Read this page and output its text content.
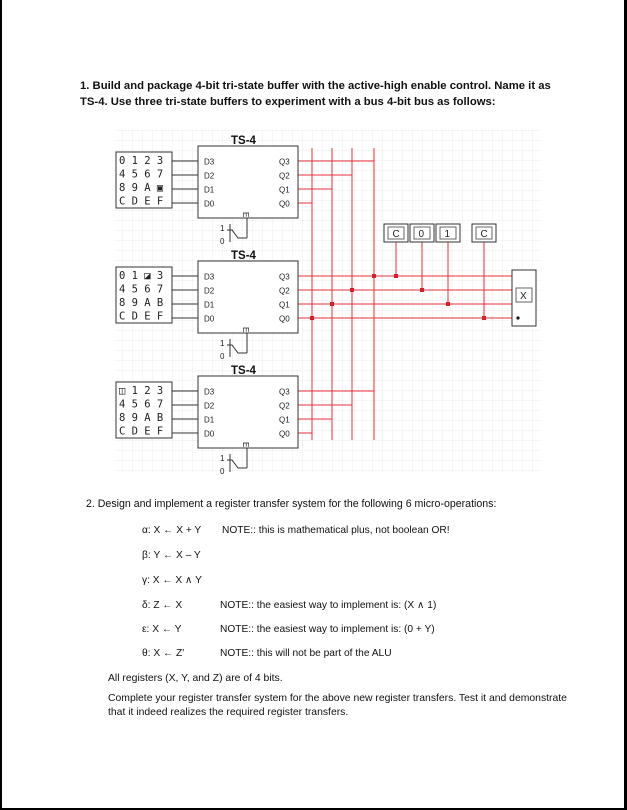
1. Build and package 4-bit tri-state buffer with the active-high enable control. Name it as TS-4. Use three tri-state buffers to experiment with a bus 4-bit bus as follows:
0 1 2 3
4 5 6 7
8 9 A ▣
C D E F
TS-4
D3
D2
D1
D0
Q3
Q2
Q1
Q0
E
1
0
0 1 ◪ 3
4 5 6 7
8 9 A B
C D E F
TS-4
D3
D2
D1
D0
Q3
Q2
Q1
Q0
E
1
0
◫ 1 2 3
4 5 6 7
8 9 A B
C D E F
TS-4
D3
D2
D1
D0
Q3
Q2
Q1
Q0
E
1
0
C 0 1	C
X
2. Design and implement a register transfer system for the following 6 micro-operations:
α: X ← X + Y NOTE:: this is mathematical plus, not boolean OR!
β: Y ← X – Y
γ: X ← X ∧ Y
δ: Z ← X	NOTE:: the easiest way to implement is: (X ∧ 1)
ε: X ← Y	NOTE:: the easiest way to implement is: (0 + Y)
θ: X ← Z'	NOTE:: this will not be part of the ALU
All registers (X, Y, and Z) are of 4 bits.
Complete your register transfer system for the above new register transfers. Test it and demonstrate that it indeed realizes the required register transfers.
